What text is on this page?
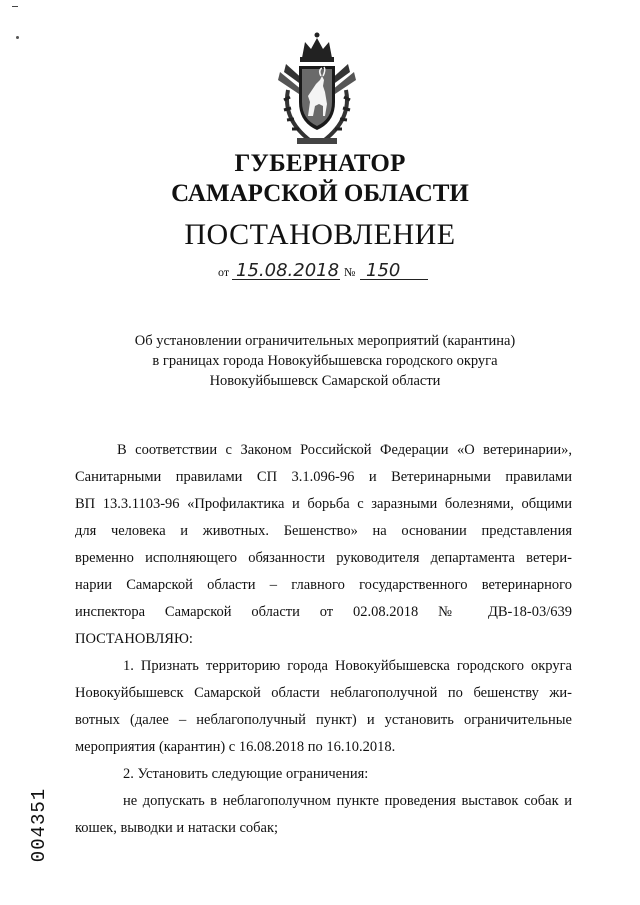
ГУБЕРНАТОР
САМАРСКОЙ ОБЛАСТИ
ПОСТАНОВЛЕНИЕ
от 15.08.2018 № 150
Об установлении ограничительных мероприятий (карантина)
в границах города Новокуйбышевска городского округа
Новокуйбышевск Самарской области
В соответствии с Законом Российской Федерации «О ветеринарии»,
Санитарными правилами СП 3.1.096-96 и Ветеринарными правилами
ВП 13.3.1103-96 «Профилактика и борьба с заразными болезнями, общими
для человека и животных. Бешенство» на основании представления
временно исполняющего обязанности руководителя департамента ветери-
нарии Самарской области – главного государственного ветеринарного
инспектора Самарской области от 02.08.2018 № ДВ-18-03/639
ПОСТАНОВЛЯЮ:
1. Признать территорию города Новокуйбышевска городского округа
Новокуйбышевск Самарской области неблагополучной по бешенству жи-
вотных (далее – неблагополучный пункт) и установить ограничительные
мероприятия (карантин) с 16.08.2018 по 16.10.2018.
2. Установить следующие ограничения:
не допускать в неблагополучном пункте проведения выставок собак и
кошек, выводки и натаски собак;
004351
